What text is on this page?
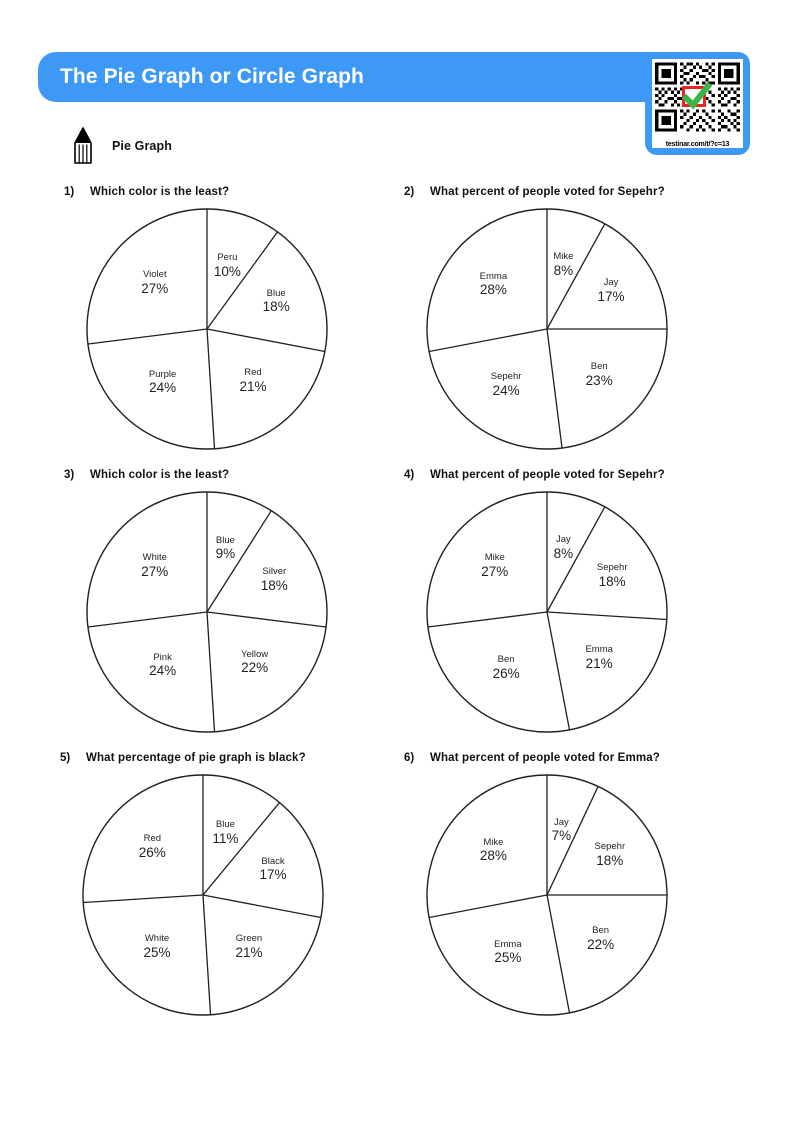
The Pie Graph or Circle Graph
testinar.com/t/?c=13
Pie Graph
1)	Which color is the least?
Peru
10%
Blue
18%
Red
21%
Purple
24%
Violet
27%
2)	What percent of people voted for Sepehr?
Mike
8%
Jay
17%
Ben
23%
Sepehr
24%
Emma
28%
3)	Which color is the least?
Blue
9%
Silver
18%
Yellow
22%
Pink
24%
White
27%
4)	What percent of people voted for Sepehr?
Jay
8%
Sepehr
18%
Emma
21%
Ben
26%
Mike
27%
5)	What percentage of pie graph is black?
Blue
11%
Black
17%
Green
21%
White
25%
Red
26%
6)	What percent of people voted for Emma?
Jay
7%
Sepehr
18%
Ben
22%
Emma
25%
Mike
28%
